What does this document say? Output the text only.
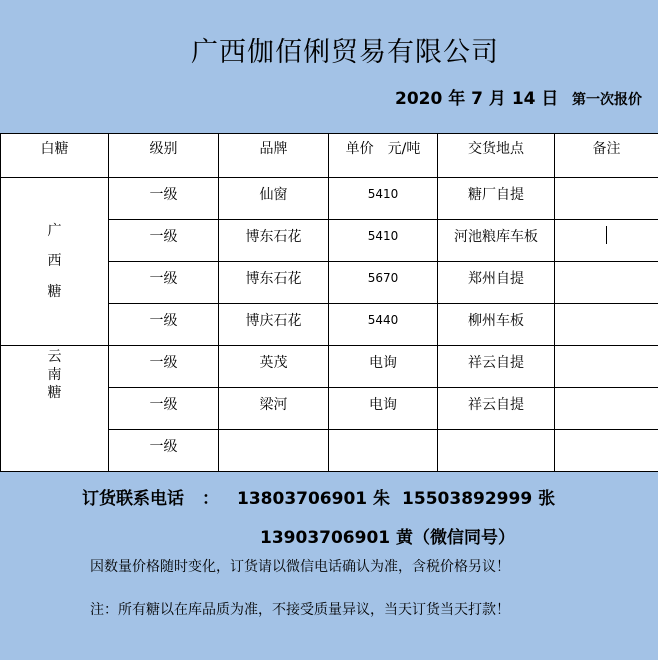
广西伽佰俐贸易有限公司
2020 年 7 月 14 日 第一次报价
白糖	级别	品牌	单价　元/吨	交货地点	备注

广
西
糖	一级	仙窗	5410	糖厂自提	
	一级	博东石花	5410	河池粮库车板	
	一级	博东石花	5670	郑州自提	
	一级	博庆石花	5440	柳州车板	

云
南
糖	一级	英茂	电询	祥云自提	
	一级	梁河	电询	祥云自提	
	一级				
订货联系电话 ： 13803706901 朱 15503892999 张
13903706901 黄（微信同号）
因数量价格随时变化，订货请以微信电话确认为准，含税价格另议！
注：所有糖以在库品质为准，不接受质量异议，当天订货当天打款！
